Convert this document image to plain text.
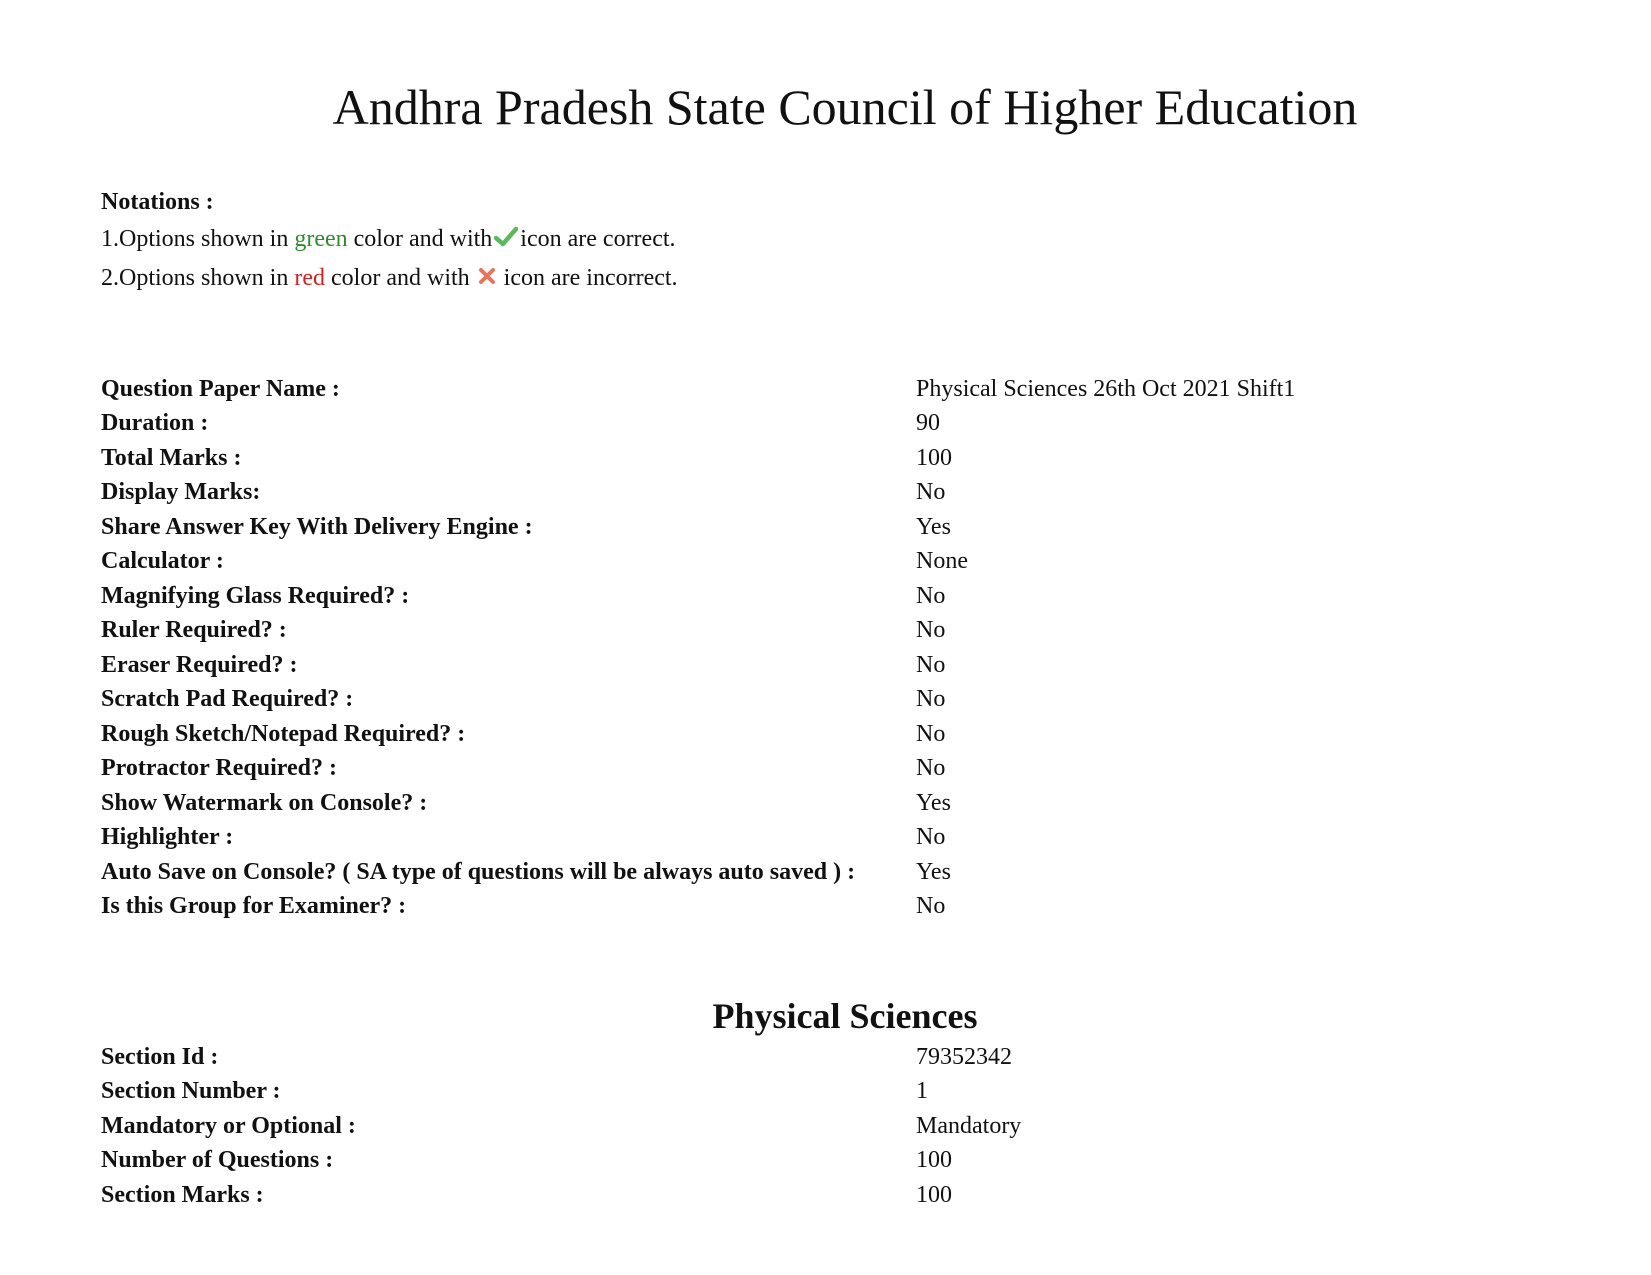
Andhra Pradesh State Council of Higher Education
Notations :
1.Options shown in green color and with icon are correct.
2.Options shown in red color and with icon are incorrect.
Question Paper Name :	Physical Sciences 26th Oct 2021 Shift1
Duration :	90
Total Marks :	100
Display Marks:	No
Share Answer Key With Delivery Engine :	Yes
Calculator :	None
Magnifying Glass Required? :	No
Ruler Required? :	No
Eraser Required? :	No
Scratch Pad Required? :	No
Rough Sketch/Notepad Required? :	No
Protractor Required? :	No
Show Watermark on Console? :	Yes
Highlighter :	No
Auto Save on Console? ( SA type of questions will be always auto saved ) :	Yes
Is this Group for Examiner? :	No
Physical Sciences
Section Id :	79352342
Section Number :	1
Mandatory or Optional :	Mandatory
Number of Questions :	100
Section Marks :	100
